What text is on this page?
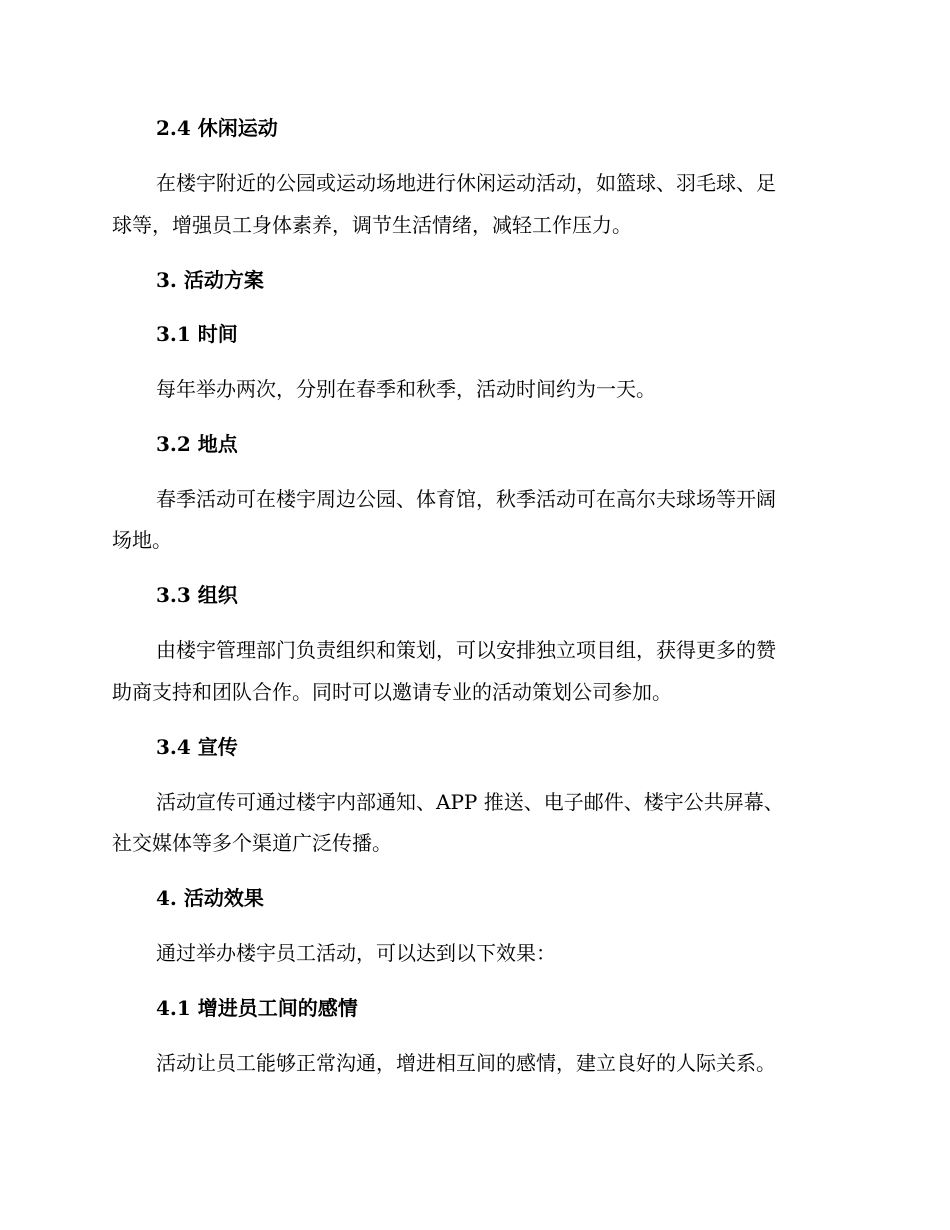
2.4 休闲运动
在楼宇附近的公园或运动场地进行休闲运动活动，如篮球、羽毛球、足
球等，增强员工身体素养，调节生活情绪，减轻工作压力。
3. 活动方案
3.1 时间
每年举办两次，分别在春季和秋季，活动时间约为一天。
3.2 地点
春季活动可在楼宇周边公园、体育馆，秋季活动可在高尔夫球场等开阔
场地。
3.3 组织
由楼宇管理部门负责组织和策划，可以安排独立项目组，获得更多的赞
助商支持和团队合作。同时可以邀请专业的活动策划公司参加。
3.4 宣传
活动宣传可通过楼宇内部通知、APP 推送、电子邮件、楼宇公共屏幕、
社交媒体等多个渠道广泛传播。
4. 活动效果
通过举办楼宇员工活动，可以达到以下效果：
4.1 增进员工间的感情
活动让员工能够正常沟通，增进相互间的感情，建立良好的人际关系。
